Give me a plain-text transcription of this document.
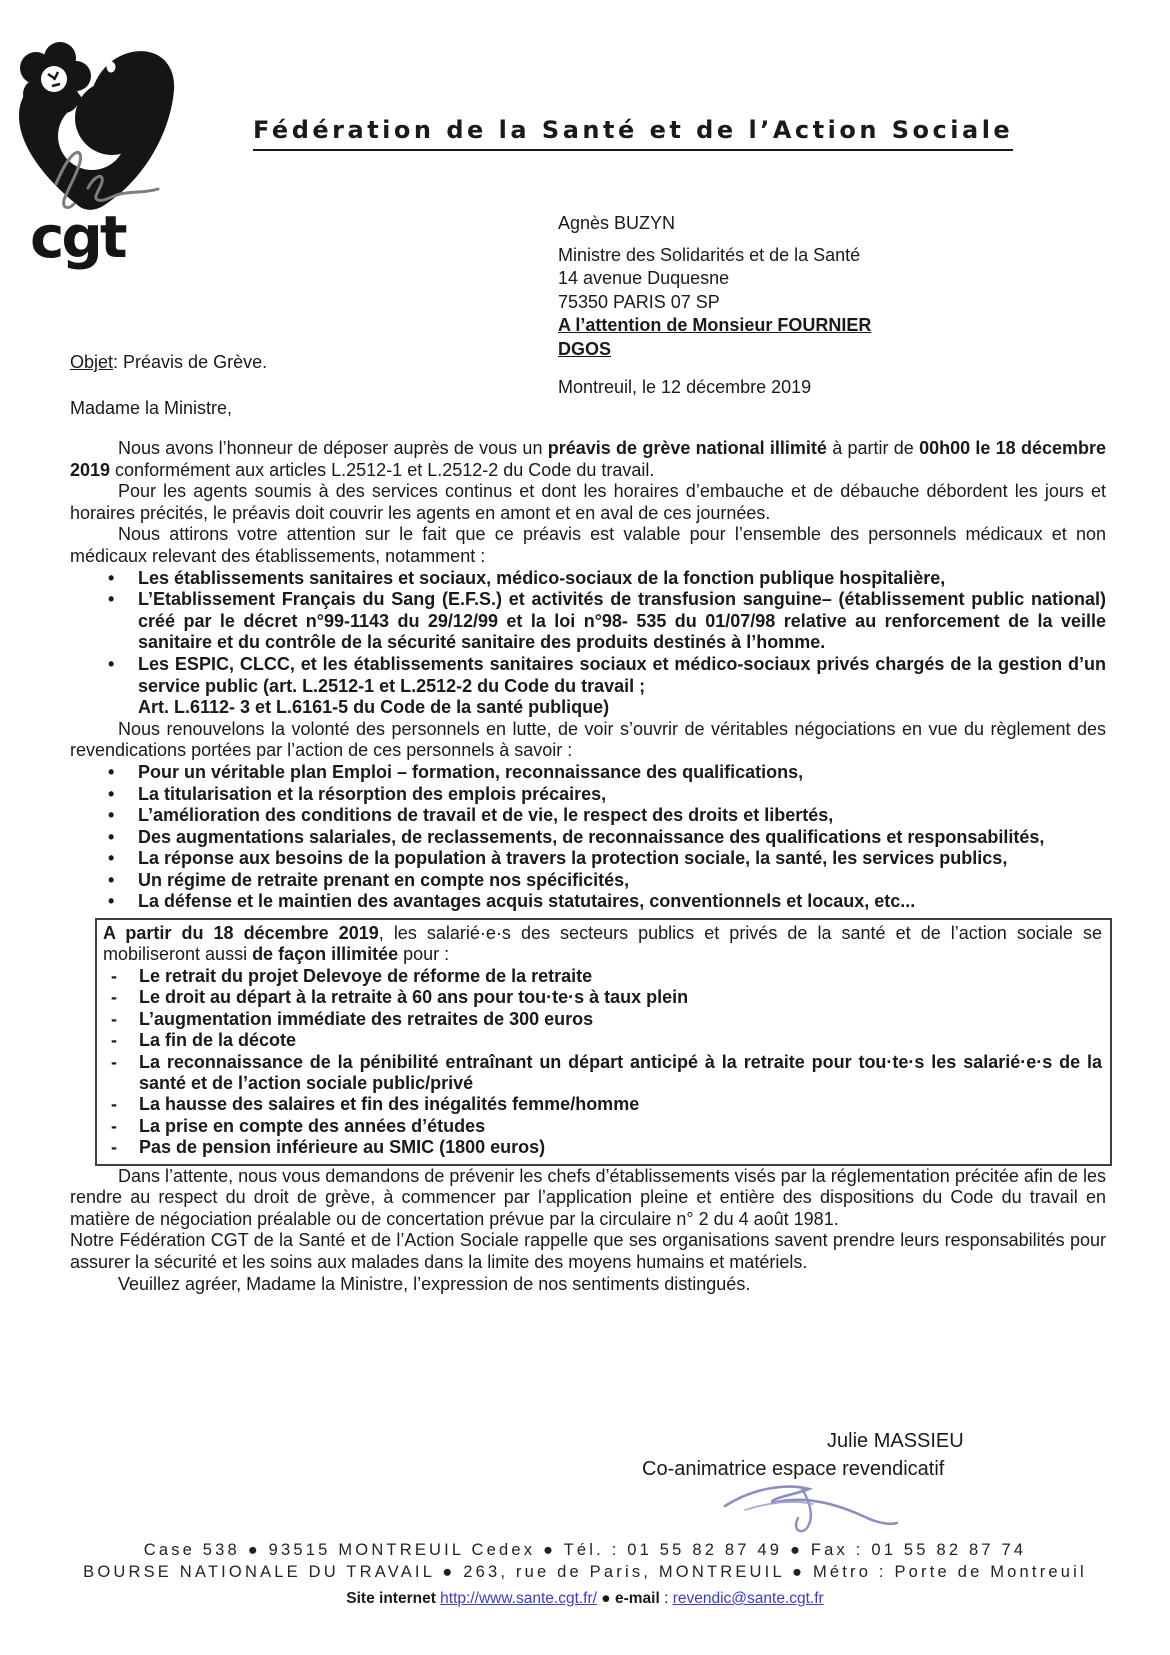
cgt
Fédération de la Santé et de l’Action Sociale
Agnès BUZYN
Ministre des Solidarités et de la Santé
14 avenue Duquesne
75350 PARIS 07 SP
A l’attention de Monsieur FOURNIER
DGOS
Objet: Préavis de Grève.
Montreuil, le 12 décembre 2019
Madame la Ministre,

Nous avons l’honneur de déposer auprès de vous un préavis de grève national illimité à partir de 00h00 le 18 décembre 2019 conformément aux articles L.2512-1 et L.2512-2 du Code du travail.

Pour les agents soumis à des services continus et dont les horaires d’embauche et de débauche débordent les jours et horaires précités, le préavis doit couvrir les agents en amont et en aval de ces journées.

Nous attirons votre attention sur le fait que ce préavis est valable pour l’ensemble des personnels médicaux et non médicaux relevant des établissements, notamment :

• Les établissements sanitaires et sociaux, médico-sociaux de la fonction publique hospitalière,
• L’Etablissement Français du Sang (E.F.S.) et activités de transfusion sanguine– (établissement public national) créé par le décret n°99-1143 du 29/12/99 et la loi n°98- 535 du 01/07/98 relative au renforcement de la veille sanitaire et du contrôle de la sécurité sanitaire des produits destinés à l’homme.
• Les ESPIC, CLCC, et les établissements sanitaires sociaux et médico-sociaux privés chargés de la gestion d’un service public (art. L.2512-1 et L.2512-2 du Code du travail ;
Art. L.6112- 3 et L.6161-5 du Code de la santé publique)

Nous renouvelons la volonté des personnels en lutte, de voir s’ouvrir de véritables négociations en vue du règlement des revendications portées par l’action de ces personnels à savoir :

• Pour un véritable plan Emploi – formation, reconnaissance des qualifications,
• La titularisation et la résorption des emplois précaires,
• L’amélioration des conditions de travail et de vie, le respect des droits et libertés,
• Des augmentations salariales, de reclassements, de reconnaissance des qualifications et responsabilités,
• La réponse aux besoins de la population à travers la protection sociale, la santé, les services publics,
• Un régime de retraite prenant en compte nos spécificités,
• La défense et le maintien des avantages acquis statutaires, conventionnels et locaux, etc...

A partir du 18 décembre 2019, les salarié·e·s des secteurs publics et privés de la santé et de l’action sociale se mobiliseront aussi de façon illimitée pour :

- Le retrait du projet Delevoye de réforme de la retraite
- Le droit au départ à la retraite à 60 ans pour tou·te·s à taux plein
- L’augmentation immédiate des retraites de 300 euros
- La fin de la décote
- La reconnaissance de la pénibilité entraînant un départ anticipé à la retraite pour tou·te·s les salarié·e·s de la santé et de l’action sociale public/privé
- La hausse des salaires et fin des inégalités femme/homme
- La prise en compte des années d’études
- Pas de pension inférieure au SMIC (1800 euros)

Dans l’attente, nous vous demandons de prévenir les chefs d’établissements visés par la réglementation précitée afin de les rendre au respect du droit de grève, à commencer par l’application pleine et entière des dispositions du Code du travail en matière de négociation préalable ou de concertation prévue par la circulaire n° 2 du 4 août 1981.

Notre Fédération CGT de la Santé et de l’Action Sociale rappelle que ses organisations savent prendre leurs responsabilités pour assurer la sécurité et les soins aux malades dans la limite des moyens humains et matériels.

Veuillez agréer, Madame la Ministre, l’expression de nos sentiments distingués.

Julie MASSIEU
Co-animatrice espace revendicatif
Case 538 ● 93515 MONTREUIL Cedex ● Tél. : 01 55 82 87 49 ● Fax : 01 55 82 87 74
BOURSE NATIONALE DU TRAVAIL ● 263, rue de Paris, MONTREUIL ● Métro : Porte de Montreuil
Site internet http://www.sante.cgt.fr/ ● e-mail : revendic@sante.cgt.fr
